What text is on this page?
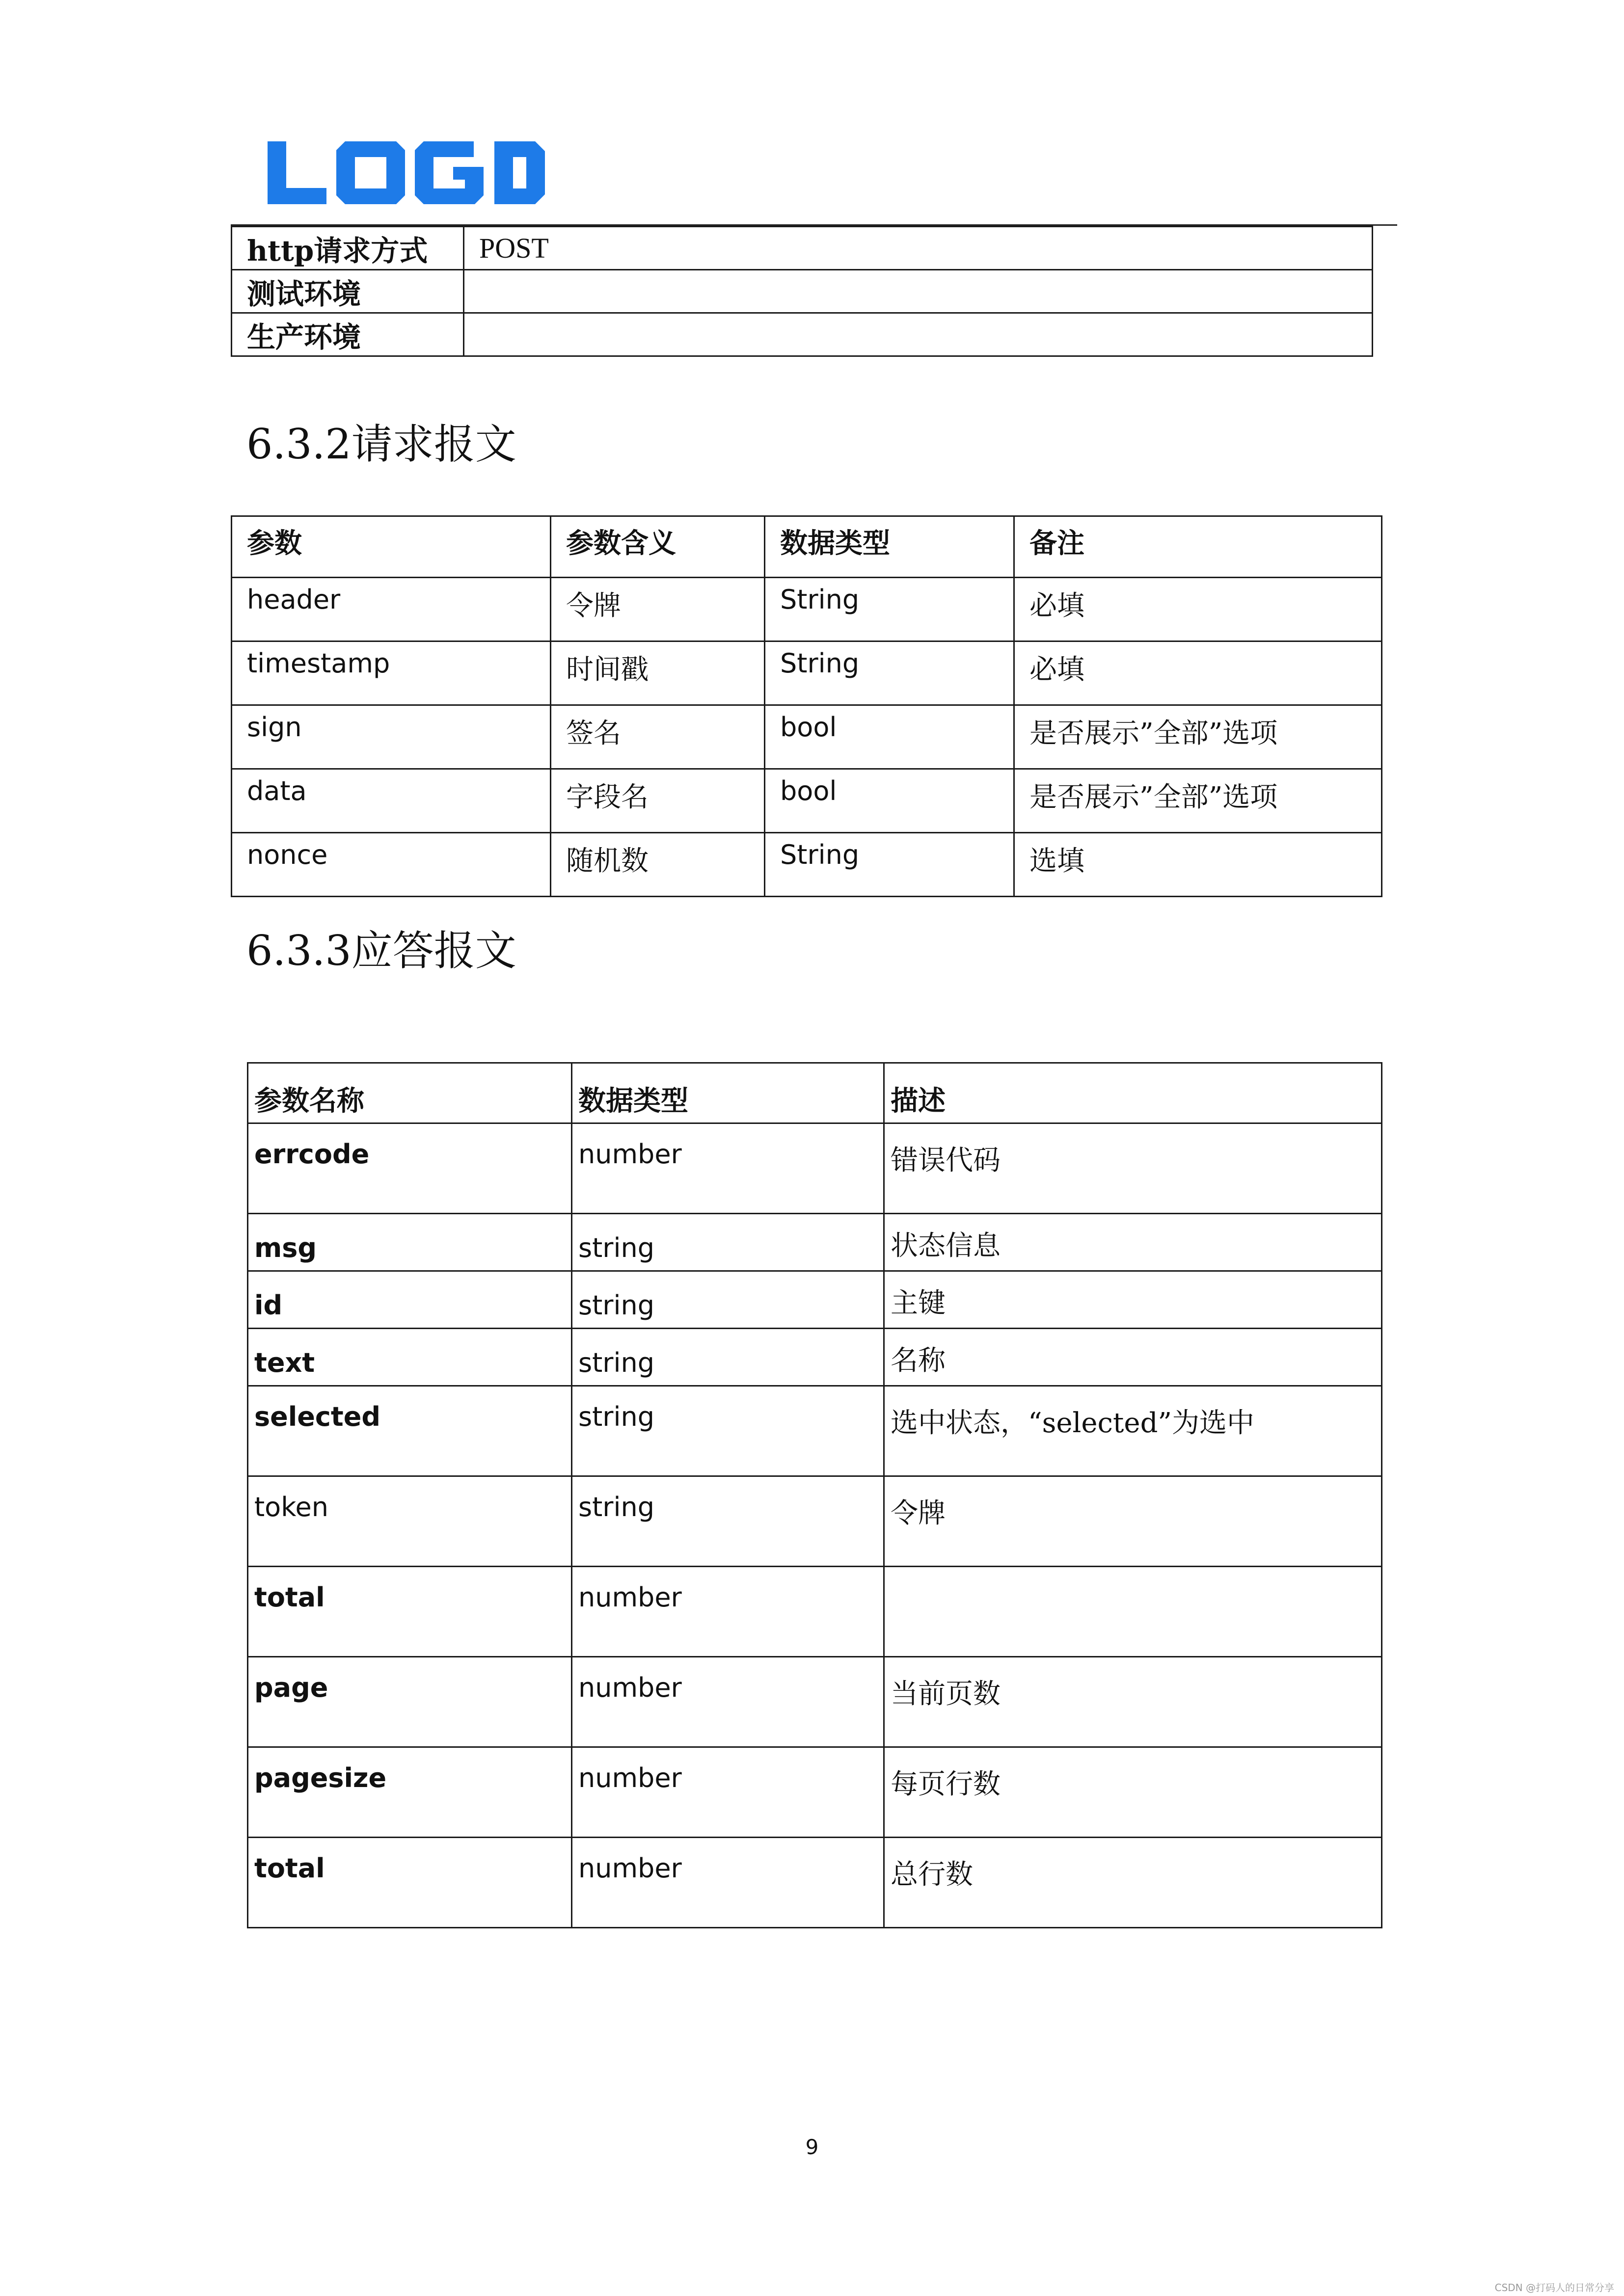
http请求方式	POST
测试环境	
生产环境	
6.3.2请求报文
参数	参数含义	数据类型	备注
header	令牌	String	必填
timestamp	时间戳	String	必填
sign	签名	bool	是否展示”全部”选项
data	字段名	bool	是否展示”全部”选项
nonce	随机数	String	选填
6.3.3应答报文
参数名称	数据类型	描述
errcode	number	错误代码
msg	string	状态信息
id	string	主键
text	string	名称
selected	string	选中状态，“selected”为选中
token	string	令牌
total	number	
page	number	当前页数
pagesize	number	每页行数
total	number	总行数
9
CSDN @打码人的日常分享
